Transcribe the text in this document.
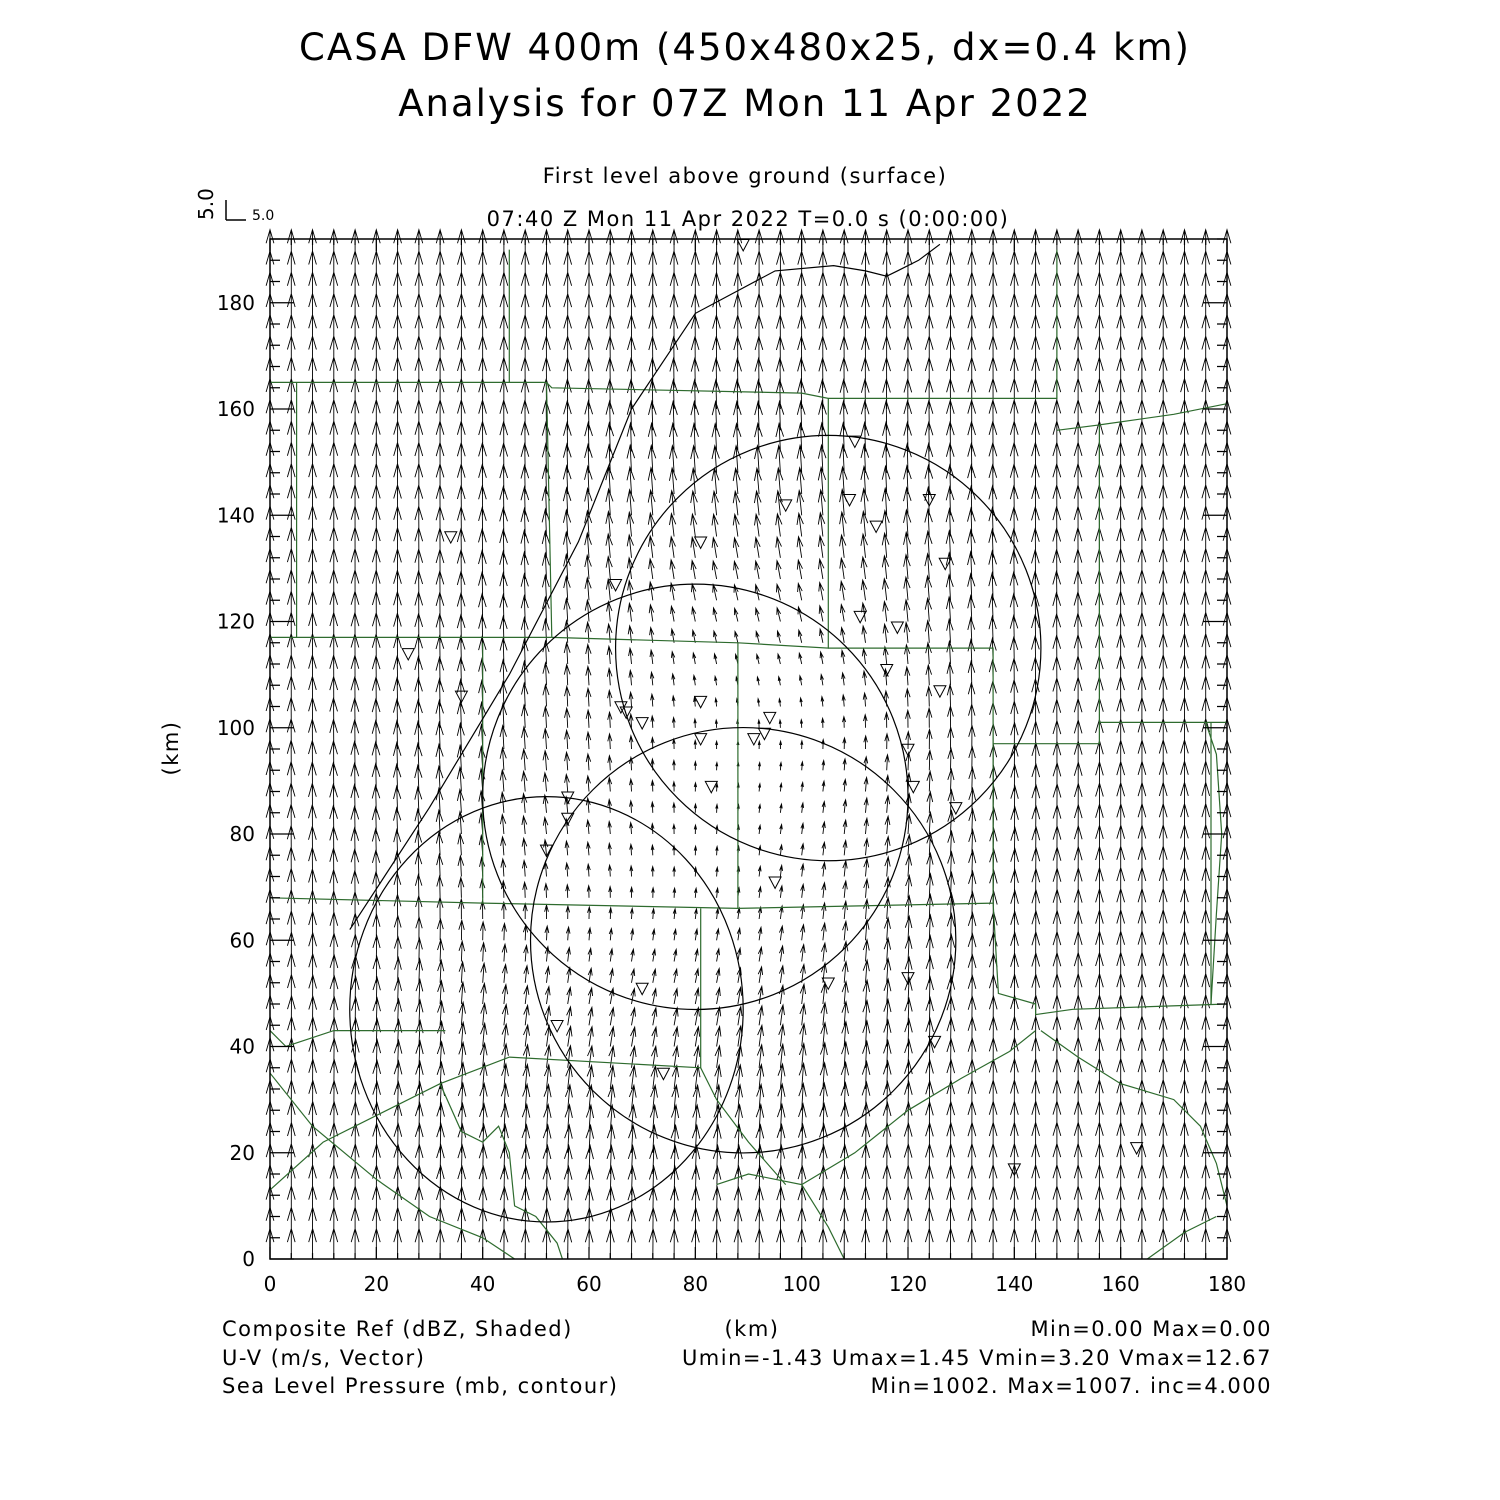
CASA DFW 400m (450x480x25, dx=0.4 km)
Analysis for 07Z Mon 11 Apr 2022
First level above ground (surface)
07:40 Z Mon 11 Apr 2022 T=0.0 s (0:00:00)
5.0 5.0
0	20	40	60	80	100	120	140	160	180
0
20
40
60
80
100
120
140
160
180
(km)
(km)
Composite Ref (dBZ, Shaded)	Min=0.00 Max=0.00
U-V (m/s, Vector)	Umin=-1.43 Umax=1.45 Vmin=3.20 Vmax=12.67
Sea Level Pressure (mb, contour)	Min=1002. Max=1007. inc=4.000
